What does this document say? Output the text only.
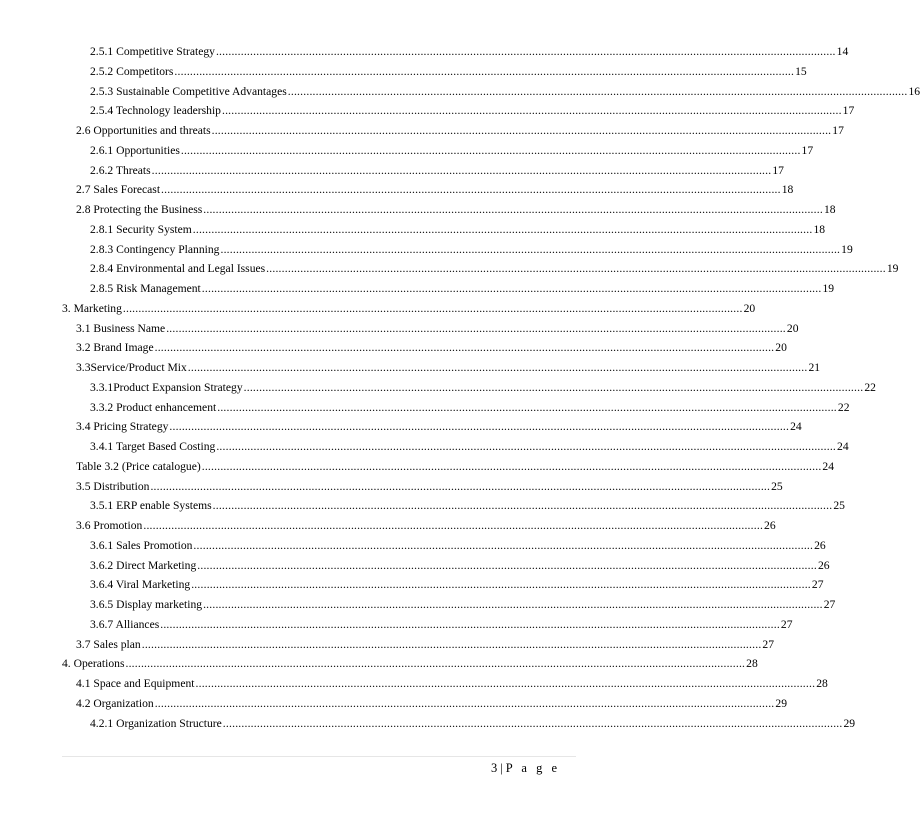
2.5.1 Competitive Strategy ........................................................................................................................................................................................................ 14
2.5.2 Competitors ........................................................................................................................................................................................................ 15
2.5.3 Sustainable Competitive Advantages ........................................................................................................................................................................................................ 16
2.5.4 Technology leadership ........................................................................................................................................................................................................ 17
2.6 Opportunities and threats ........................................................................................................................................................................................................ 17
2.6.1 Opportunities ........................................................................................................................................................................................................ 17
2.6.2 Threats ........................................................................................................................................................................................................ 17
2.7 Sales Forecast ........................................................................................................................................................................................................ 18
2.8 Protecting the Business ........................................................................................................................................................................................................ 18
2.8.1 Security System ........................................................................................................................................................................................................ 18
2.8.3 Contingency Planning ........................................................................................................................................................................................................ 19
2.8.4 Environmental and Legal Issues ........................................................................................................................................................................................................ 19
2.8.5 Risk Management ........................................................................................................................................................................................................ 19
3. Marketing ........................................................................................................................................................................................................ 20
3.1 Business Name ........................................................................................................................................................................................................ 20
3.2 Brand Image ........................................................................................................................................................................................................ 20
3.3 Service/Product Mix ........................................................................................................................................................................................................ 21
3.3.1 Product Expansion Strategy ........................................................................................................................................................................................................ 22
3.3.2 Product enhancement ........................................................................................................................................................................................................ 22
3.4 Pricing Strategy ........................................................................................................................................................................................................ 24
3.4.1 Target Based Costing ........................................................................................................................................................................................................ 24
Table 3.2 (Price catalogue) ........................................................................................................................................................................................................ 24
3.5 Distribution ........................................................................................................................................................................................................ 25
3.5.1 ERP enable Systems ........................................................................................................................................................................................................ 25
3.6 Promotion ........................................................................................................................................................................................................ 26
3.6.1 Sales Promotion ........................................................................................................................................................................................................ 26
3.6.2 Direct Marketing ........................................................................................................................................................................................................ 26
3.6.4 Viral Marketing ........................................................................................................................................................................................................ 27
3.6.5 Display marketing ........................................................................................................................................................................................................ 27
3.6.7 Alliances ........................................................................................................................................................................................................ 27
3.7 Sales plan ........................................................................................................................................................................................................ 27
4. Operations ........................................................................................................................................................................................................ 28
4.1 Space and Equipment ........................................................................................................................................................................................................ 28
4.2 Organization ........................................................................................................................................................................................................ 29
4.2.1 Organization Structure ........................................................................................................................................................................................................ 29
3 | P a g e
